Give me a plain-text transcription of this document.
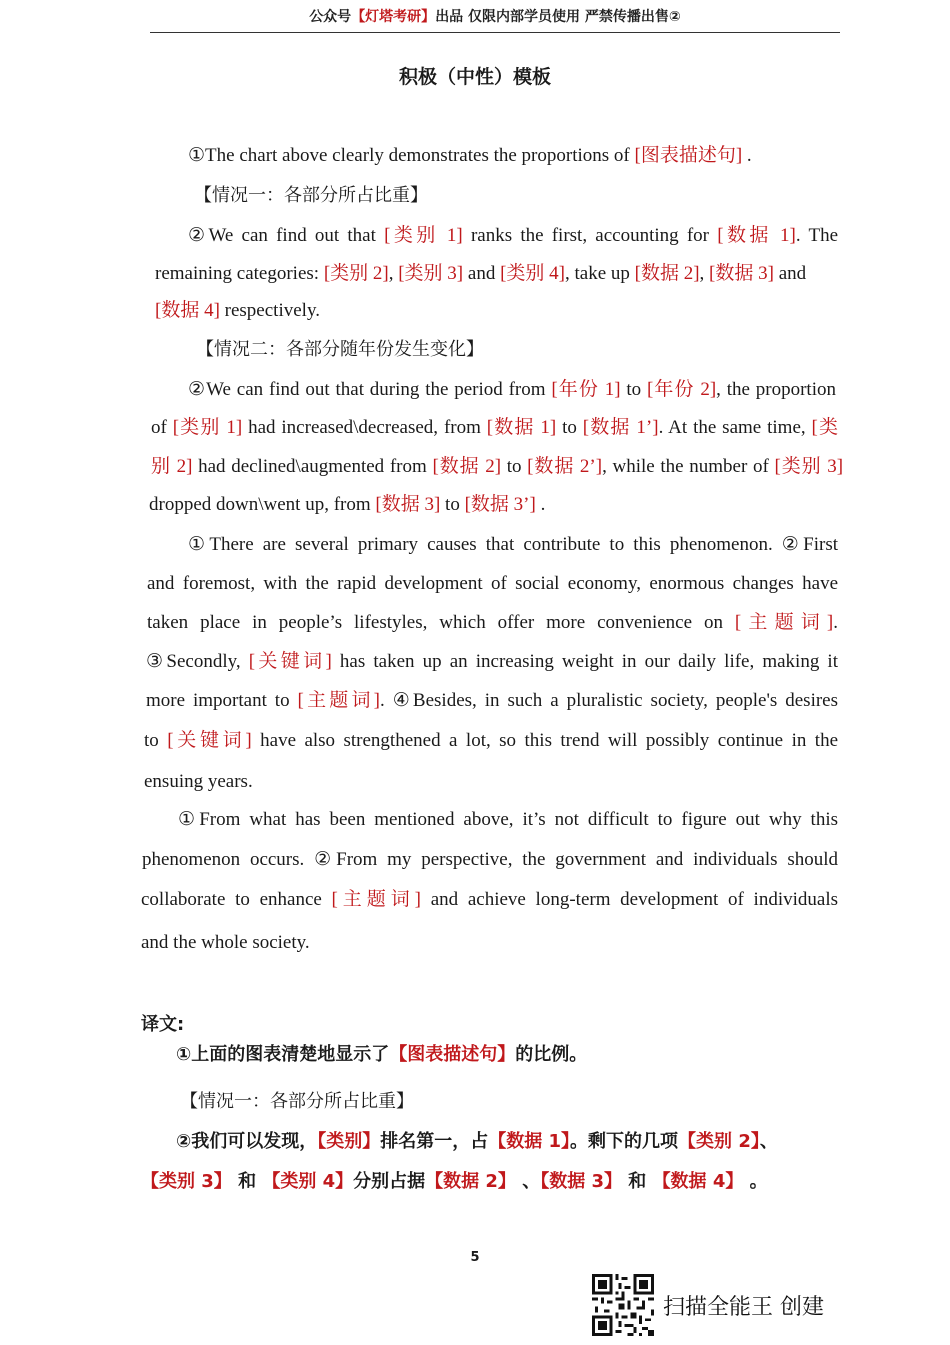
公众号【灯塔考研】出品 仅限内部学员使用 严禁传播出售②
积极（中性）模板
①The chart above clearly demonstrates the proportions of [图表描述句] .
【情况一：各部分所占比重】
②We can find out that [类别 1] ranks the first, accounting for [数据 1]. The
remaining categories: [类别 2], [类别 3] and [类别 4], take up [数据 2], [数据 3] and
[数据 4] respectively.
【情况二：各部分随年份发生变化】
②We can find out that during the period from [年份 1] to [年份 2], the proportion
of [类别 1] had increased\decreased, from [数据 1] to [数据 1’]. At the same time, [类
别 2] had declined\augmented from [数据 2] to [数据 2’], while the number of [类别 3]
dropped down\went up, from [数据 3] to [数据 3’] .
①There are several primary causes that contribute to this phenomenon. ②First
and foremost, with the rapid development of social economy, enormous changes have
taken place in people’s lifestyles, which offer more convenience on [主题词].
③Secondly, [关键词] has taken up an increasing weight in our daily life, making it
more important to [主题词]. ④Besides, in such a pluralistic society, people's desires
to [关键词] have also strengthened a lot, so this trend will possibly continue in the
ensuing years.
①From what has been mentioned above, it’s not difficult to figure out why this
phenomenon occurs. ②From my perspective, the government and individuals should
collaborate to enhance [主题词] and achieve long-term development of individuals
and the whole society.
译文:
①上面的图表清楚地显示了【图表描述句】的比例。
【情况一：各部分所占比重】
②我们可以发现，【类别】排名第一，占【数据 1】。剩下的几项【类别 2】、
【类别 3】 和 【类别 4】分别占据【数据 2】 、【数据 3】 和 【数据 4】 。
5
扫描全能王 创建
